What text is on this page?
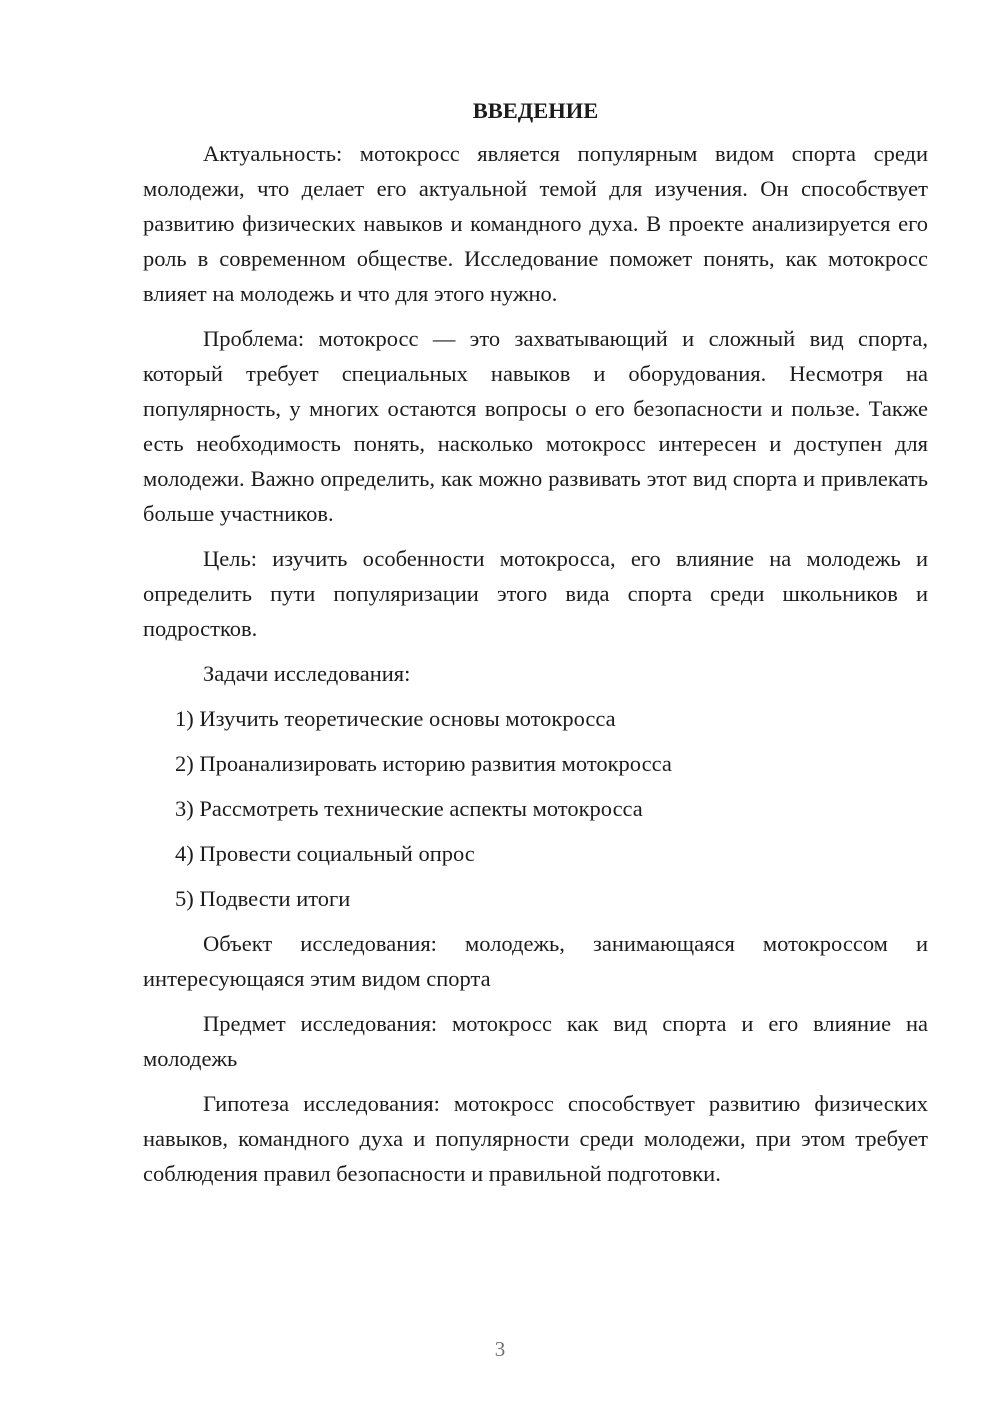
ВВЕДЕНИЕ

Актуальность: мотокросс является популярным видом спорта среди молодежи, что делает его актуальной темой для изучения. Он способствует развитию физических навыков и командного духа. В проекте анализируется его роль в современном обществе. Исследование поможет понять, как мотокросс влияет на молодежь и что для этого нужно.

Проблема: мотокросс — это захватывающий и сложный вид спорта, который требует специальных навыков и оборудования. Несмотря на популярность, у многих остаются вопросы о его безопасности и пользе. Также есть необходимость понять, насколько мотокросс интересен и доступен для молодежи. Важно определить, как можно развивать этот вид спорта и привлекать больше участников.

Цель: изучить особенности мотокросса, его влияние на молодежь и определить пути популяризации этого вида спорта среди школьников и подростков.

Задачи исследования:

1) Изучить теоретические основы мотокросса
2) Проанализировать историю развития мотокросса
3) Рассмотреть технические аспекты мотокросса
4) Провести социальный опрос
5) Подвести итоги

Объект исследования: молодежь, занимающаяся мотокроссом и интересующаяся этим видом спорта

Предмет исследования: мотокросс как вид спорта и его влияние на молодежь

Гипотеза исследования: мотокросс способствует развитию физических навыков, командного духа и популярности среди молодежи, при этом требует соблюдения правил безопасности и правильной подготовки.

3
